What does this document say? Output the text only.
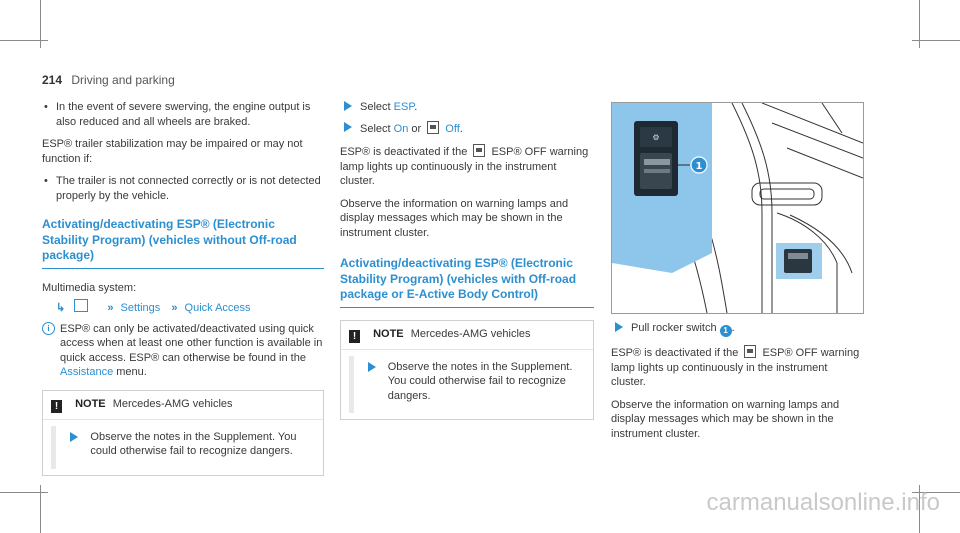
214 Driving and parking
• In the event of severe swerving, the engine output is also reduced and all wheels are braked.

ESP® trailer stabilization may be impaired or may not function if:

• The trailer is not connected correctly or is not detected properly by the vehicle.
Activating/deactivating ESP® (Electronic Stability Program) (vehicles without Off-road package)

Multimedia system:

↳	» Settings » Quick Access
i ESP® can only be activated/deactivated using quick access when at least one other function is available in quick access. ESP® can otherwise be found in the Assistance menu.
! NOTE Mercedes-AMG vehicles
Observe the notes in the Supplement. You could otherwise fail to recognize dangers.
Select ESP.
Select On or Off.

ESP® is deactivated if the ESP® OFF warning lamp lights up continuously in the instrument cluster.

Observe the information on warning lamps and display messages which may be shown in the instrument cluster.

Activating/deactivating ESP® (Electronic Stability Program) (vehicles with Off-road package or E-Active Body Control)
! NOTE Mercedes-AMG vehicles
Observe the notes in the Supplement. You could otherwise fail to recognize dangers.
⚙
1
Pull rocker switch 1 .

ESP® is deactivated if the ESP® OFF warning lamp lights up continuously in the instrument cluster.

Observe the information on warning lamps and display messages which may be shown in the instrument cluster.

carmanualsonline.info
